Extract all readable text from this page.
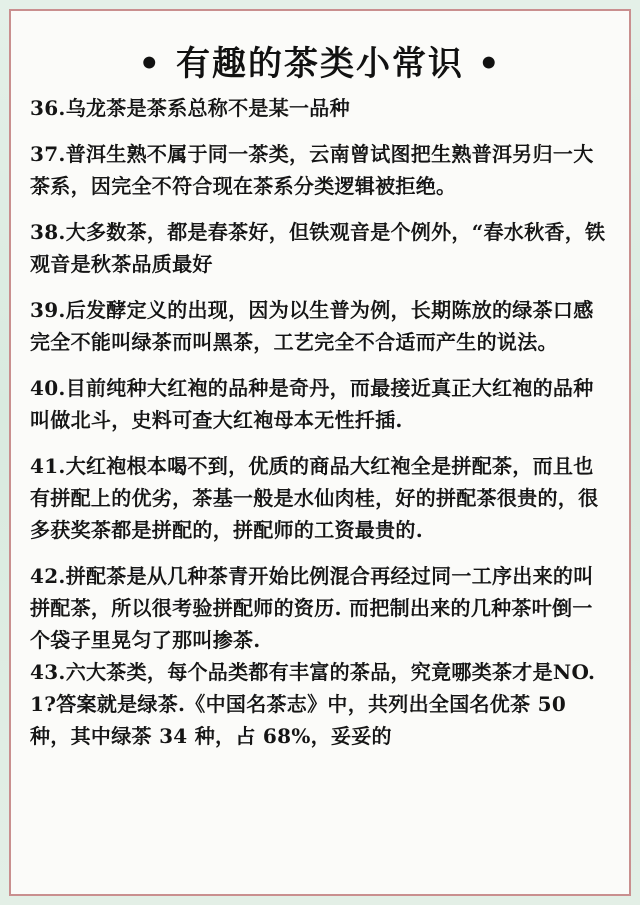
• 有趣的茶类小常识 •
36.乌龙茶是茶系总称不是某一品种
37.普洱生熟不属于同一茶类，云南曾试图把生熟普洱另归一大茶系，因完全不符合现在茶系分类逻辑被拒绝。
38.大多数茶，都是春茶好，但铁观音是个例外，“春水秋香，铁观音是秋茶品质最好
39.后发酵定义的出现，因为以生普为例，长期陈放的绿茶口感完全不能叫绿茶而叫黑茶，工艺完全不合适而产生的说法。
40.目前纯种大红袍的品种是奇丹，而最接近真正大红袍的品种叫做北斗，史料可查大红袍母本无性扦插.
41.大红袍根本喝不到，优质的商品大红袍全是拼配茶，而且也有拼配上的优劣，茶基一般是水仙肉桂，好的拼配茶很贵的，很多获奖茶都是拼配的，拼配师的工资最贵的.
42.拼配茶是从几种茶青开始比例混合再经过同一工序出来的叫拼配茶，所以很考验拼配师的资历. 而把制出来的几种茶叶倒一个袋子里晃匀了那叫掺茶.
43.六大茶类，每个品类都有丰富的茶品，究竟哪类茶才是NO.1?答案就是绿茶.《中国名茶志》中，共列出全国名优茶 50 种，其中绿茶 34 种，占 68%，妥妥的
